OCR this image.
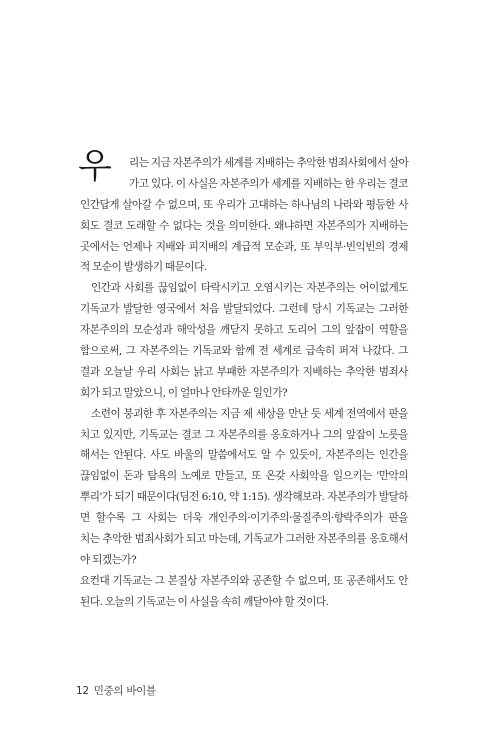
우	리는 지금 자본주의가 세계를 지배하는 추악한 범죄사회에서 살아
가고 있다. 이 사실은 자본주의가 세계를 지배하는 한 우리는 결코
인간답게 살아갈 수 없으며, 또 우리가 고대하는 하나님의 나라와 평등한 사
회도 결코 도래할 수 없다는 것을 의미한다. 왜냐하면 자본주의가 지배하는
곳에서는 언제나 지배와 피지배의 계급적 모순과, 또 부익부·빈익빈의 경제
적 모순이 발생하기 때문이다.
인간과 사회를 끊임없이 타락시키고 오염시키는 자본주의는 어이없게도
기독교가 발달한 영국에서 처음 발달되었다. 그런데 당시 기독교는 그러한
자본주의의 모순성과 해악성을 깨닫지 못하고 도리어 그의 앞잡이 역할을
함으로써, 그 자본주의는 기독교와 함께 전 세계로 급속히 퍼져 나갔다. 그
결과 오늘날 우리 사회는 낡고 부패한 자본주의가 지배하는 추악한 범죄사
회가 되고 말았으니, 이 얼마나 안타까운 일인가?
소련이 붕괴한 후 자본주의는 지금 제 세상을 만난 듯 세계 전역에서 판을
치고 있지만, 기독교는 결코 그 자본주의를 옹호하거나 그의 앞잡이 노릇을
해서는 안된다. 사도 바울의 말씀에서도 알 수 있듯이, 자본주의는 인간을
끊임없이 돈과 탐욕의 노예로 만들고, 또 온갖 사회악을 일으키는 '만악의
뿌리'가 되기 때문이다(딤전 6:10, 약 1:15). 생각해보라. 자본주의가 발달하
면 할수록 그 사회는 더욱 개인주의·이기주의·물질주의·향락주의가 판을
치는 추악한 범죄사회가 되고 마는데, 기독교가 그러한 자본주의를 옹호해서
야 되겠는가?
요컨대 기독교는 그 본질상 자본주의와 공존할 수 없으며, 또 공존해서도 안
된다. 오늘의 기독교는 이 사실을 속히 깨달아야 할 것이다.
12 민중의 바이블
